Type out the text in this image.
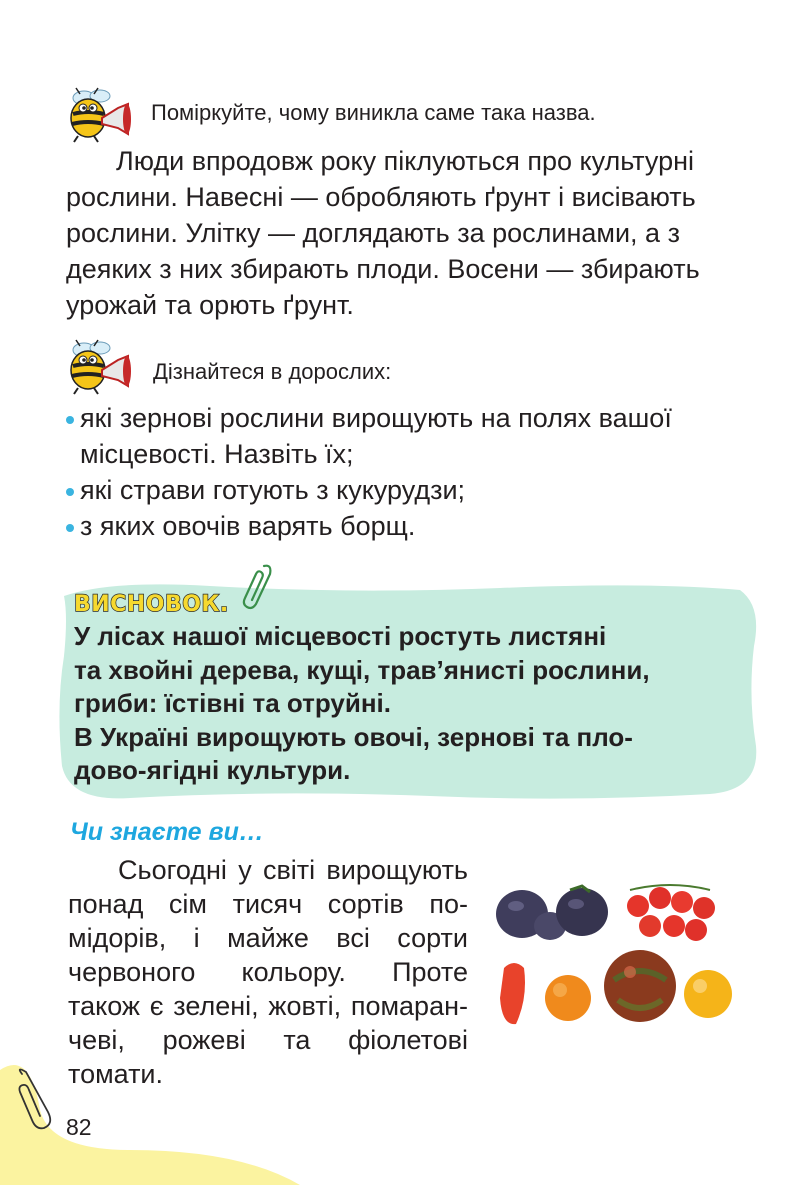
Поміркуйте, чому виникла саме така назва.
Люди впродовж року піклуються про культурні
рослини. Навесні — обробляють ґрунт і висівають
рослини. Улітку — доглядають за рослинами, а з
деяких з них збирають плоди. Восени — збирають
урожай та орють ґрунт.
Дізнайтеся в дорослих:
які зернові рослини вирощують на полях вашої місцевості. Назвіть їх;
які страви готують з кукурудзи;
з яких овочів варять борщ.
ВИСНОВОК.
У лісах нашої місцевості ростуть листяні
та хвойні дерева, кущі, трав’янисті рослини,
гриби: їстівні та отруйні.
В Україні вирощують овочі, зернові та пло-
дово-ягідні культури.
Чи знаєте ви…
Сьогодні у світі вирощують
понад сім тисяч сортів по-
мідорів, і майже всі сорти
червоного кольору. Проте
також є зелені, жовті, помаран-
чеві, рожеві та фіолетові
томати.
82
